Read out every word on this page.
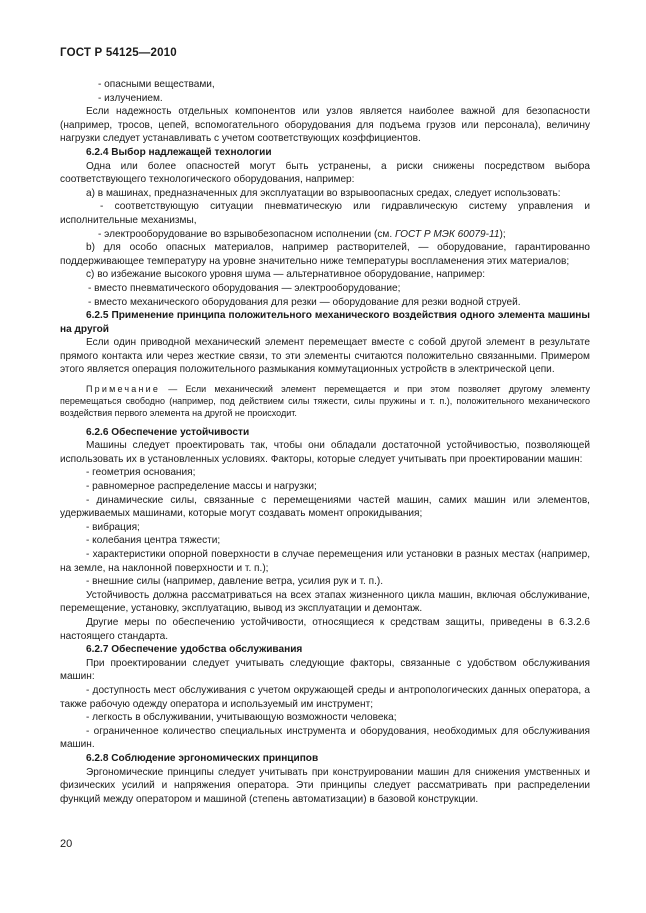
ГОСТ Р 54125—2010

- опасными веществами,

- излучением.

Если надежность отдельных компонентов или узлов является наиболее важной для безопасности (например, тросов, цепей, вспомогательного оборудования для подъема грузов или персонала), величину нагрузки следует устанавливать с учетом соответствующих коэффициентов.

6.2.4 Выбор надлежащей технологии

Одна или более опасностей могут быть устранены, а риски снижены посредством выбора соответствующего технологического оборудования, например:

а) в машинах, предназначенных для эксплуатации во взрывоопасных средах, следует использовать:

- соответствующую ситуации пневматическую или гидравлическую систему управления и исполнительные механизмы,

- электрооборудование во взрывобезопасном исполнении (см. ГОСТ Р МЭК 60079-11);

b) для особо опасных материалов, например растворителей, — оборудование, гарантированно поддерживающее температуру на уровне значительно ниже температуры воспламенения этих материалов;

с) во избежание высокого уровня шума — альтернативное оборудование, например:

- вместо пневматического оборудования — электрооборудование;

- вместо механического оборудования для резки — оборудование для резки водной струей.

6.2.5 Применение принципа положительного механического воздействия одного элемента машины на другой

Если один приводной механический элемент перемещает вместе с собой другой элемент в результате прямого контакта или через жесткие связи, то эти элементы считаются положительно связанными. Примером этого является операция положительного размыкания коммутационных устройств в электрической цепи.

Примечание — Если механический элемент перемещается и при этом позволяет другому элементу перемещаться свободно (например, под действием силы тяжести, силы пружины и т. п.), положительного механического воздействия первого элемента на другой не происходит.

6.2.6 Обеспечение устойчивости

Машины следует проектировать так, чтобы они обладали достаточной устойчивостью, позволяющей использовать их в установленных условиях. Факторы, которые следует учитывать при проектировании машин:

- геометрия основания;

- равномерное распределение массы и нагрузки;

- динамические силы, связанные с перемещениями частей машин, самих машин или элементов, удерживаемых машинами, которые могут создавать момент опрокидывания;

- вибрация;

- колебания центра тяжести;

- характеристики опорной поверхности в случае перемещения или установки в разных местах (например, на земле, на наклонной поверхности и т. п.);

- внешние силы (например, давление ветра, усилия рук и т. п.).

Устойчивость должна рассматриваться на всех этапах жизненного цикла машин, включая обслуживание, перемещение, установку, эксплуатацию, вывод из эксплуатации и демонтаж.

Другие меры по обеспечению устойчивости, относящиеся к средствам защиты, приведены в 6.3.2.6 настоящего стандарта.

6.2.7 Обеспечение удобства обслуживания

При проектировании следует учитывать следующие факторы, связанные с удобством обслуживания машин:

- доступность мест обслуживания с учетом окружающей среды и антропологических данных оператора, а также рабочую одежду оператора и используемый им инструмент;

- легкость в обслуживании, учитывающую возможности человека;

- ограниченное количество специальных инструмента и оборудования, необходимых для обслуживания машин.

6.2.8 Соблюдение эргономических принципов

Эргономические принципы следует учитывать при конструировании машин для снижения умственных и физических усилий и напряжения оператора. Эти принципы следует рассматривать при распределении функций между оператором и машиной (степень автоматизации) в базовой конструкции.

20
